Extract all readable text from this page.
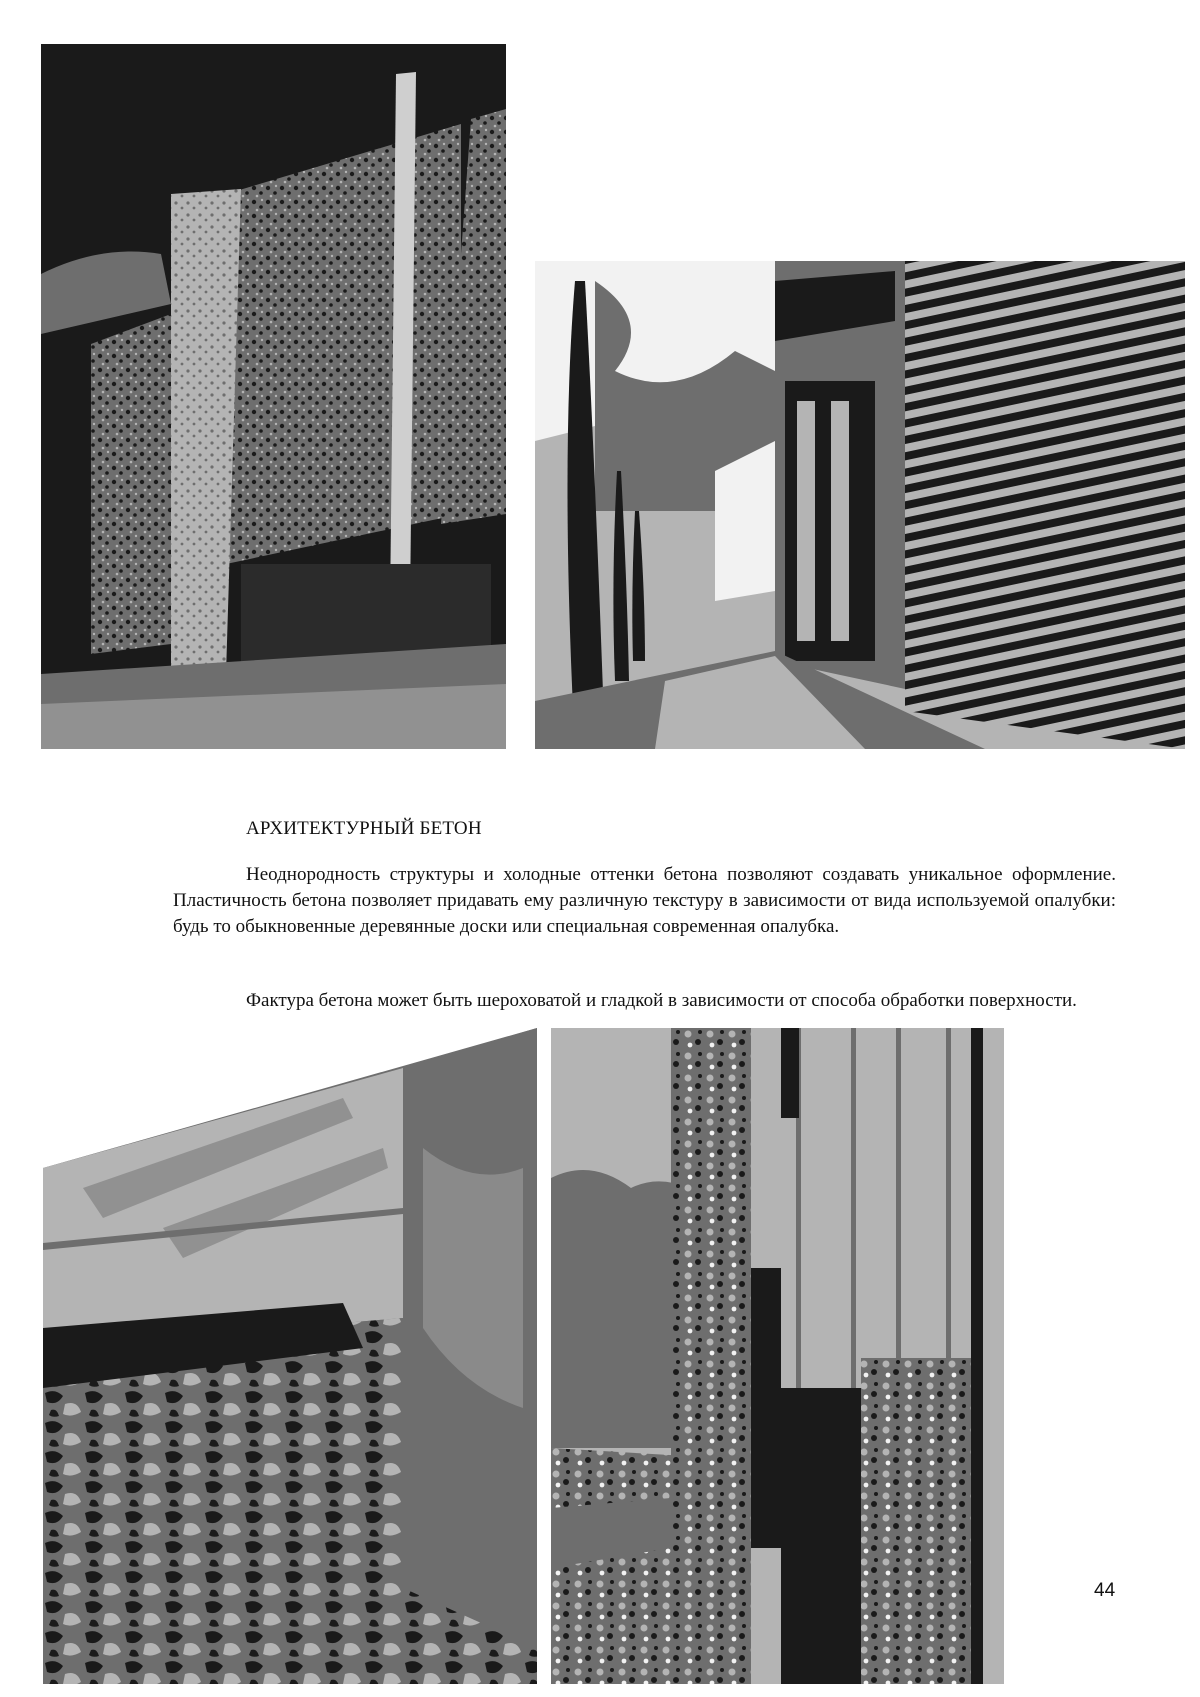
АРХИТЕКТУРНЫЙ БЕТОН

Неоднородность структуры и холодные оттенки бетона позволяют создавать уникальное оформление. Пластичность бетона позволяет придавать ему различную текстуру в зависимости от вида используемой опалубки: будь то обыкновенные деревянные доски или специальная современная опалубка.

Фактура бетона может быть шероховатой и гладкой в зависимости от способа обработки поверхности.

44
